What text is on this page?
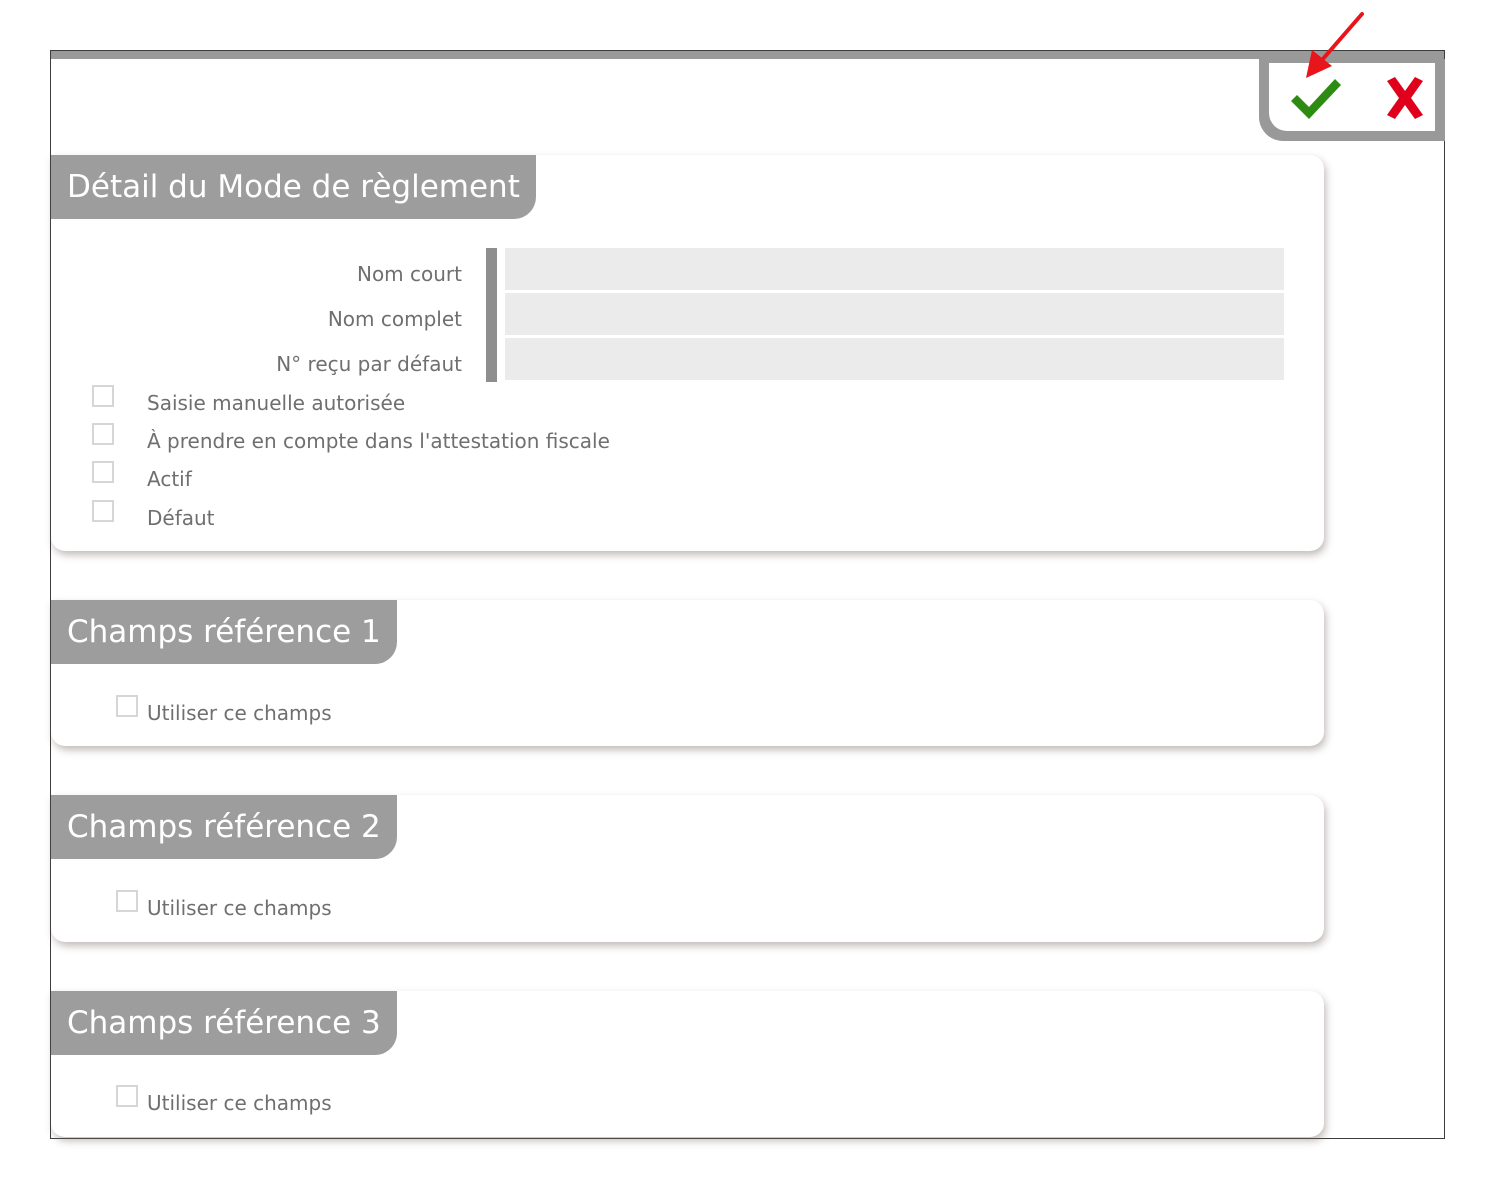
Détail du Mode de règlement
Nom court
Nom complet
N° reçu par défaut
Saisie manuelle autorisée
À prendre en compte dans l'attestation fiscale
Actif
Défaut
Champs référence 1
Utiliser ce champs
Champs référence 2
Utiliser ce champs
Champs référence 3
Utiliser ce champs
